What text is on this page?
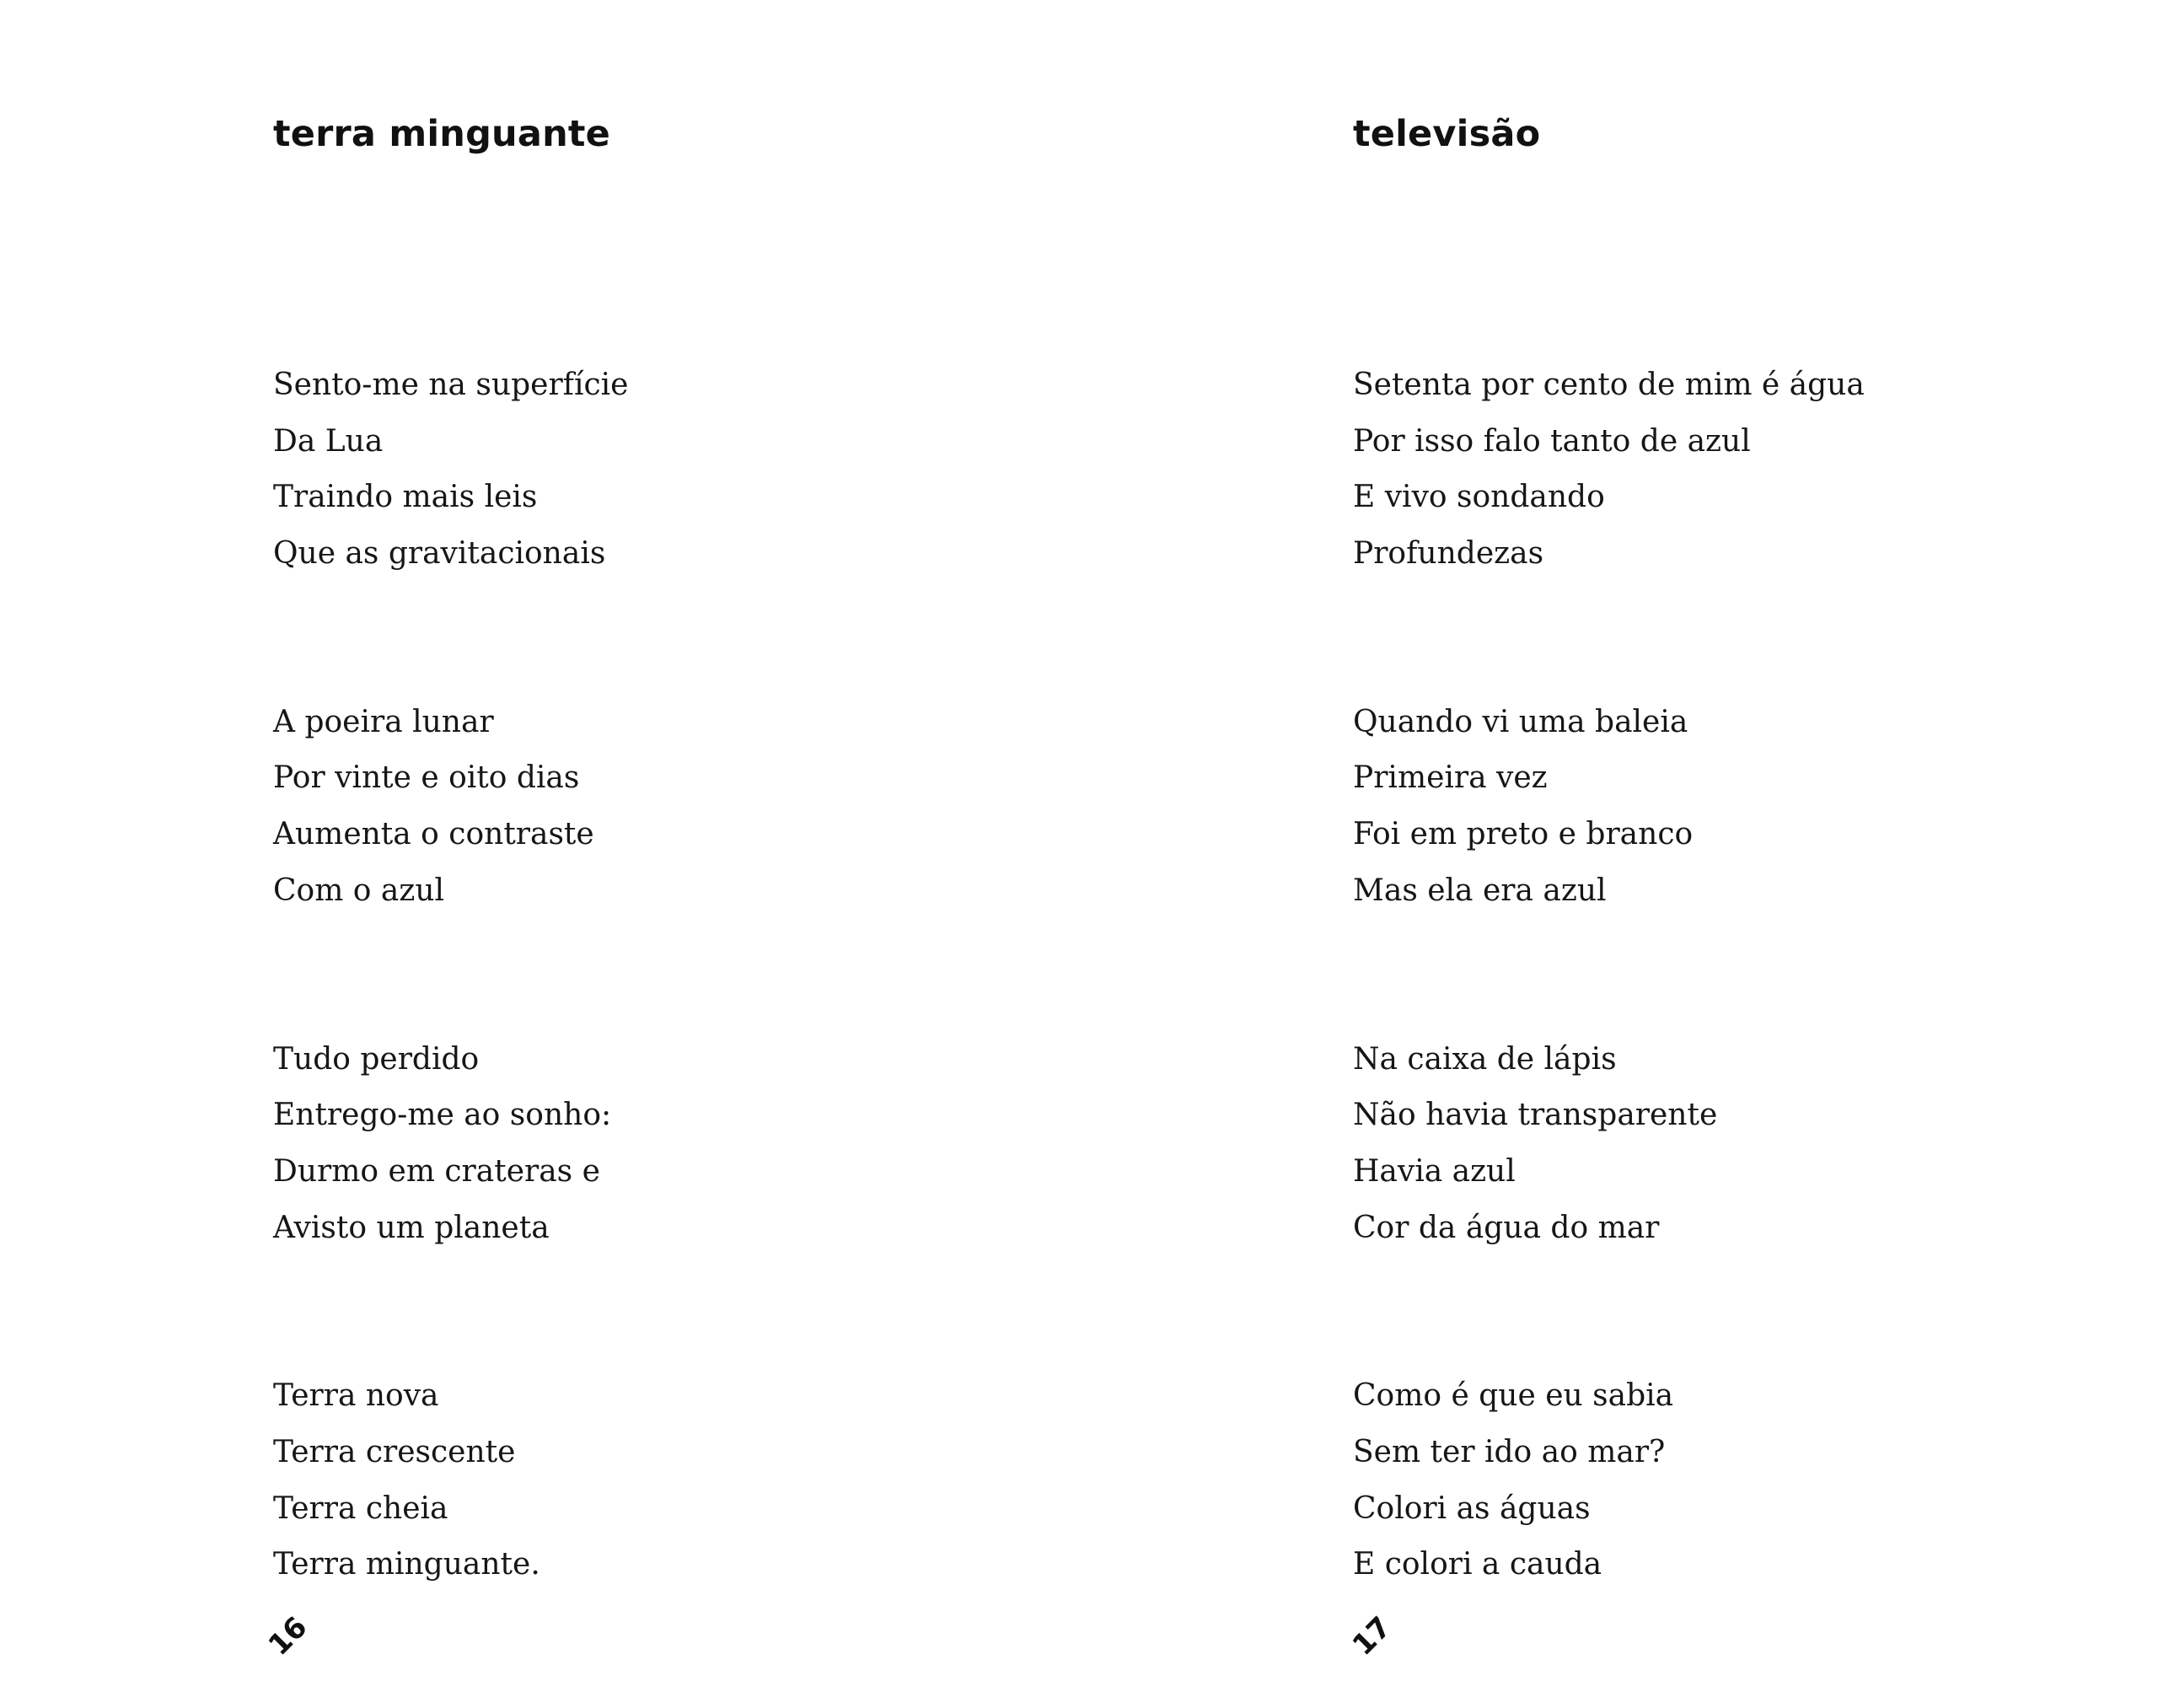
terra minguante
Sento-me na superfície
Da Lua
Traindo mais leis
Que as gravitacionais
A poeira lunar
Por vinte e oito dias
Aumenta o contraste
Com o azul
Tudo perdido
Entrego-me ao sonho:
Durmo em crateras e
Avisto um planeta
Terra nova
Terra crescente
Terra cheia
Terra minguante.
16
televisão
Setenta por cento de mim é água
Por isso falo tanto de azul
E vivo sondando
Profundezas
Quando vi uma baleia
Primeira vez
Foi em preto e branco
Mas ela era azul
Na caixa de lápis
Não havia transparente
Havia azul
Cor da água do mar
Como é que eu sabia
Sem ter ido ao mar?
Colori as águas
E colori a cauda
17
